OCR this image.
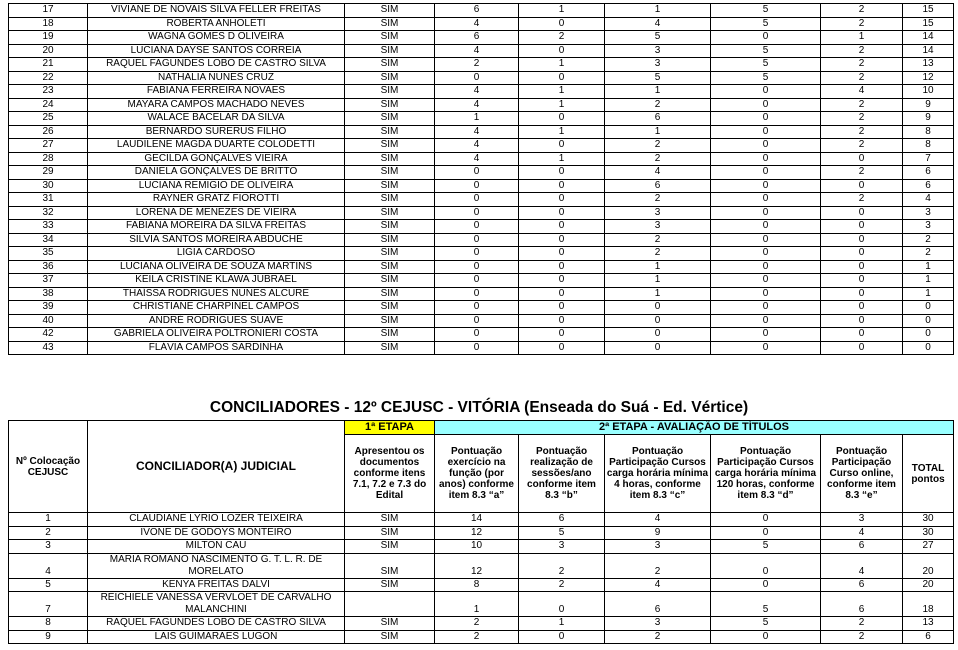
17	VIVIANE DE NOVAIS SILVA FELLER FREITAS	SIM	6	1	1	5	2	15
18	ROBERTA ANHOLETI	SIM	4	0	4	5	2	15
19	WAGNA GOMES D OLIVEIRA	SIM	6	2	5	0	1	14
20	LUCIANA DAYSE SANTOS CORREIA	SIM	4	0	3	5	2	14
21	RAQUEL FAGUNDES LOBO DE CASTRO SILVA	SIM	2	1	3	5	2	13
22	NATHALIA NUNES CRUZ	SIM	0	0	5	5	2	12
23	FABIANA FERREIRA NOVAES	SIM	4	1	1	0	4	10
24	MAYARA CAMPOS MACHADO NEVES	SIM	4	1	2	0	2	9
25	WALACE BACELAR DA SILVA	SIM	1	0	6	0	2	9
26	BERNARDO SURERUS FILHO	SIM	4	1	1	0	2	8
27	LAUDILENE MAGDA DUARTE COLODETTI	SIM	4	0	2	0	2	8
28	GECILDA GONÇALVES VIEIRA	SIM	4	1	2	0	0	7
29	DANIELA GONÇALVES DE BRITTO	SIM	0	0	4	0	2	6
30	LUCIANA REMIGIO DE OLIVEIRA	SIM	0	0	6	0	0	6
31	RAYNER GRATZ FIOROTTI	SIM	0	0	2	0	2	4
32	LORENA DE MENEZES DE VIEIRA	SIM	0	0	3	0	0	3
33	FABIANA MOREIRA DA SILVA FREITAS	SIM	0	0	3	0	0	3
34	SILVIA SANTOS MOREIRA ABDUCHE	SIM	0	0	2	0	0	2
35	LIGIA CARDOSO	SIM	0	0	2	0	0	2
36	LUCIANA OLIVEIRA DE SOUZA MARTINS	SIM	0	0	1	0	0	1
37	KEILA CRISTINE KLAWA JUBRAEL	SIM	0	0	1	0	0	1
38	THAÍSSA RODRIGUES NUNES ALCURE	SIM	0	0	1	0	0	1
39	CHRISTIANE CHARPINEL CAMPOS	SIM	0	0	0	0	0	0
40	ANDRÉ RODRIGUES SUAVE	SIM	0	0	0	0	0	0
42	GABRIELA OLIVEIRA POLTRONIERI COSTA	SIM	0	0	0	0	0	0
43	FLÁVIA CAMPOS SARDINHA	SIM	0	0	0	0	0	0
CONCILIADORES - 12º CEJUSC - VITÓRIA (Enseada do Suá - Ed. Vértice)
Nº Colocação CEJUSC	CONCILIADOR(A) JUDICIAL	1ª ETAPA	2ª ETAPA - AVALIAÇÃO DE TÍTULOS					
		Apresentou os documentos conforme itens 7.1, 7.2 e 7.3 do Edital	Pontuação exercício na função (por anos) conforme item 8.3 “a”	Pontuação realização de sessões/ano conforme item 8.3 “b”	Pontuação Participação Cursos carga horária mínima 4 horas, conforme item 8.3 “c”	Pontuação Participação Cursos carga horária mínima 120 horas, conforme item 8.3 “d”	Pontuação Participação Curso online, conforme item 8.3 “e”	TOTAL pontos
1	CLAUDIANE LYRIO LOZER TEIXEIRA	SIM	14	6	4	0	3	30
2	IVONE DE GODOYS MONTEIRO	SIM	12	5	9	0	4	30
3	MILTON CAU	SIM	10	3	3	5	6	27
4	MARIA ROMANO NASCIMENTO G. T. L. R. DE MORELATO	SIM	12	2	2	0	4	20
5	KENYA FREITAS DALVI	SIM	8	2	4	0	6	20
7	REICHIELE VANESSA VERVLOET DE CARVALHO MALANCHINI		1	0	6	5	6	18
8	RAQUEL FAGUNDES LOBO DE CASTRO SILVA	SIM	2	1	3	5	2	13
9	LAIS GUIMARAES LUGON	SIM	2	0	2	0	2	6
